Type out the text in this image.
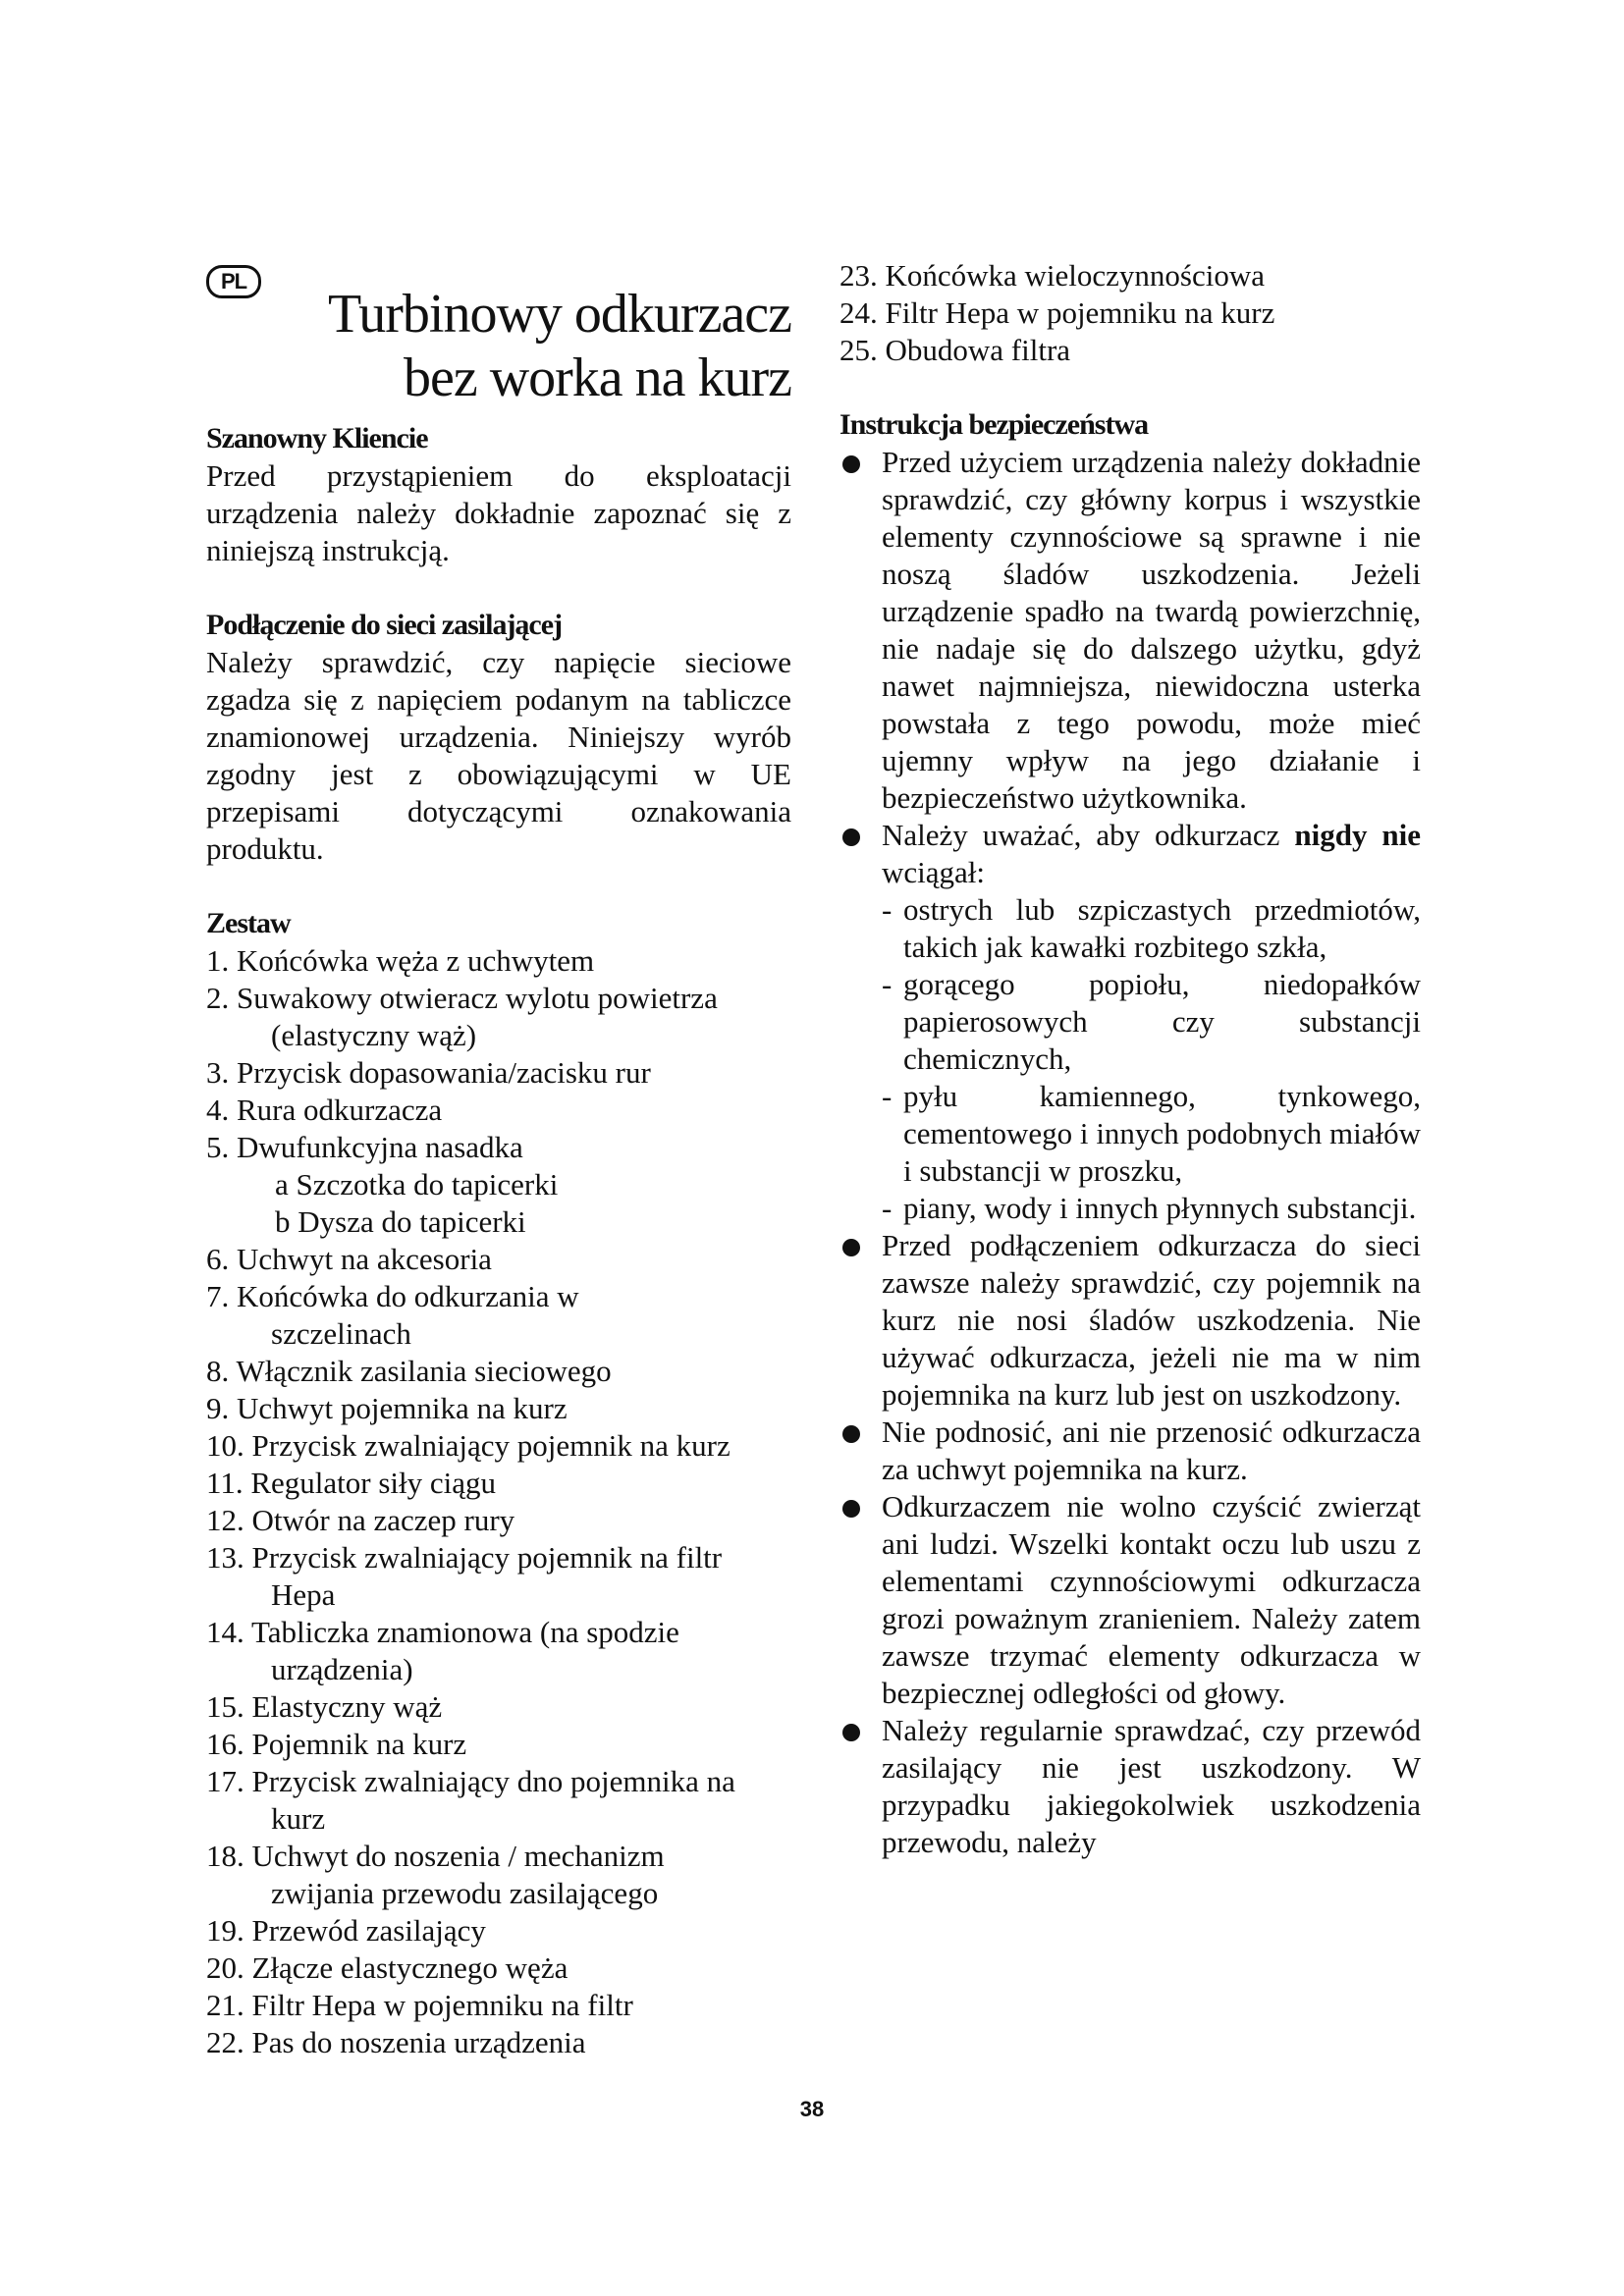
PL
Turbinowy odkurzacz
bez worka na kurz
Szanowny Kliencie

Przed przystąpieniem do eksploatacji urządzenia należy dokładnie zapoznać się z niniejszą instrukcją.

Podłączenie do sieci zasilającej

Należy sprawdzić, czy napięcie sieciowe zgadza się z napięciem podanym na tabliczce znamionowej urządzenia. Niniejszy wyrób zgodny jest z obowiązującymi w UE przepisami dotyczącymi oznakowania produktu.

Zestaw
1. Końcówka węża z uchwytem
2. Suwakowy otwieracz wylotu powietrza
(elastyczny wąż)
3. Przycisk dopasowania/zacisku rur
4. Rura odkurzacza
5. Dwufunkcyjna nasadka
a Szczotka do tapicerki
b Dysza do tapicerki
6. Uchwyt na akcesoria
7. Końcówka do odkurzania w
szczelinach
8. Włącznik zasilania sieciowego
9. Uchwyt pojemnika na kurz
10. Przycisk zwalniający pojemnik na kurz
11. Regulator siły ciągu
12. Otwór na zaczep rury
13. Przycisk zwalniający pojemnik na filtr
Hepa
14. Tabliczka znamionowa (na spodzie
urządzenia)
15. Elastyczny wąż
16. Pojemnik na kurz
17. Przycisk zwalniający dno pojemnika na
kurz
18. Uchwyt do noszenia / mechanizm
zwijania przewodu zasilającego
19. Przewód zasilający
20. Złącze elastycznego węża
21. Filtr Hepa w pojemniku na filtr
22. Pas do noszenia urządzenia
23. Końcówka wieloczynnościowa
24. Filtr Hepa w pojemniku na kurz
25. Obudowa filtra
Instrukcja bezpieczeństwa
Przed użyciem urządzenia należy dokładnie sprawdzić, czy główny korpus i wszystkie elementy czynnościowe są sprawne i nie noszą śladów uszkodzenia. Jeżeli urządzenie spadło na twardą powierzchnię, nie nadaje się do dalszego użytku, gdyż nawet najmniejsza, niewidoczna usterka powstała z tego powodu, może mieć ujemny wpływ na jego działanie i bezpieczeństwo użytkownika.
Należy uważać, aby odkurzacz nigdy nie wciągał:
- ostrych lub szpiczastych przedmiotów, takich jak kawałki rozbitego szkła,
- gorącego popiołu, niedopałków papierosowych czy substancji chemicznych,
- pyłu kamiennego, tynkowego, cementowego i innych podobnych miałów i substancji w proszku,
- piany, wody i innych płynnych substancji.
Przed podłączeniem odkurzacza do sieci zawsze należy sprawdzić, czy pojemnik na kurz nie nosi śladów uszkodzenia. Nie używać odkurzacza, jeżeli nie ma w nim pojemnika na kurz lub jest on uszkodzony.
Nie podnosić, ani nie przenosić odkurzacza za uchwyt pojemnika na kurz.
Odkurzaczem nie wolno czyścić zwierząt ani ludzi. Wszelki kontakt oczu lub uszu z elementami czynnościowymi odkurzacza grozi poważnym zranieniem. Należy zatem zawsze trzymać elementy odkurzacza w bezpiecznej odległości od głowy.
Należy regularnie sprawdzać, czy przewód zasilający nie jest uszkodzony. W przypadku jakiegokolwiek uszkodzenia przewodu, należy
38
